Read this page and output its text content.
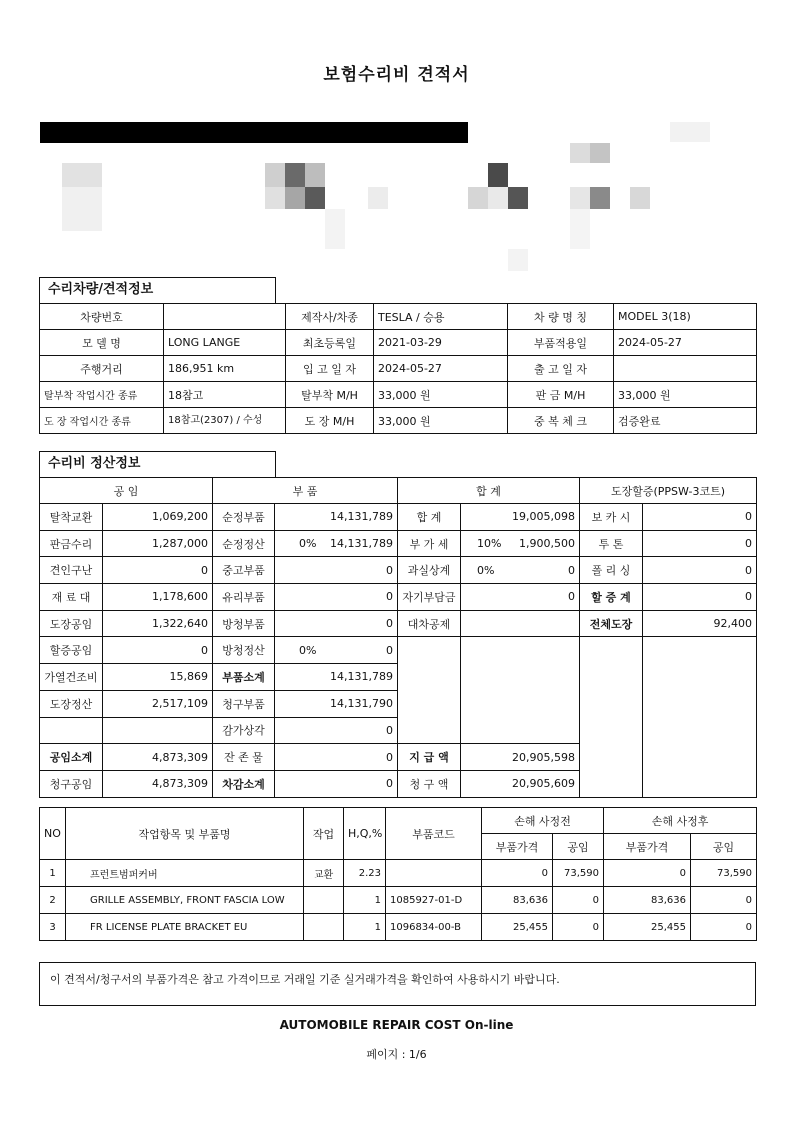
보험수리비 견적서
수리차량/견적정보
차량번호		제작사/차종	TESLA / 승용	차 량 명 칭	MODEL 3(18)
모 델 명	LONG LANGE	최초등록일	2021-03-29	부품적용일	2024-05-27
주행거리	186,951 km	입 고 일 자	2024-05-27	출 고 일 자	
탈부착 작업시간 종류	18참고	탈부착 M/H	33,000 원	판 금 M/H	33,000 원
도 장 작업시간 종류	18참고(2307) / 수성	도 장 M/H	33,000 원	중 복 체 크	검증완료
수리비 정산정보
공 임		부 품		합 계		도장할증(PPSW-3코트)	
탈착교환	1,069,200	순정부품	14,131,789	합 계	19,005,098	보 카 시	0
판금수리	1,287,000	순정정산	0% 14,131,789	부 가 세	10% 1,900,500	투 톤	0
견인구난	0	중고부품	0	과실상계	0% 0	폴 리 싱	0
재 료 대	1,178,600	유리부품	0	자기부담금	0	할 증 계	0
도장공임	1,322,640	방청부품	0	대차공제		전체도장	92,400
할증공임	0	방청정산	0% 0				
가열건조비	15,869	부품소계	14,131,789				
도장정산	2,517,109	청구부품	14,131,790				
		감가상각	0				
공임소계	4,873,309	잔 존 물	0	지 급 액	20,905,598		
청구공임	4,873,309	차감소계	0	청 구 액	20,905,609		
NO	작업항목 및 부품명	작업	H,Q,%	부품코드	손해 사정전		손해 사정후	
					부품가격	공임	부품가격	공임
1	프런트범퍼커버	교환	2.23		0	73,590	0	73,590
2	GRILLE ASSEMBLY, FRONT FASCIA LOW		1	1085927-01-D	83,636	0	83,636	0
3	FR LICENSE PLATE BRACKET EU		1	1096834-00-B	25,455	0	25,455	0
이 견적서/청구서의 부품가격은 참고 가격이므로 거래일 기준 실거래가격을 확인하여 사용하시기 바랍니다.
AUTOMOBILE REPAIR COST On-line
페이지 : 1/6
